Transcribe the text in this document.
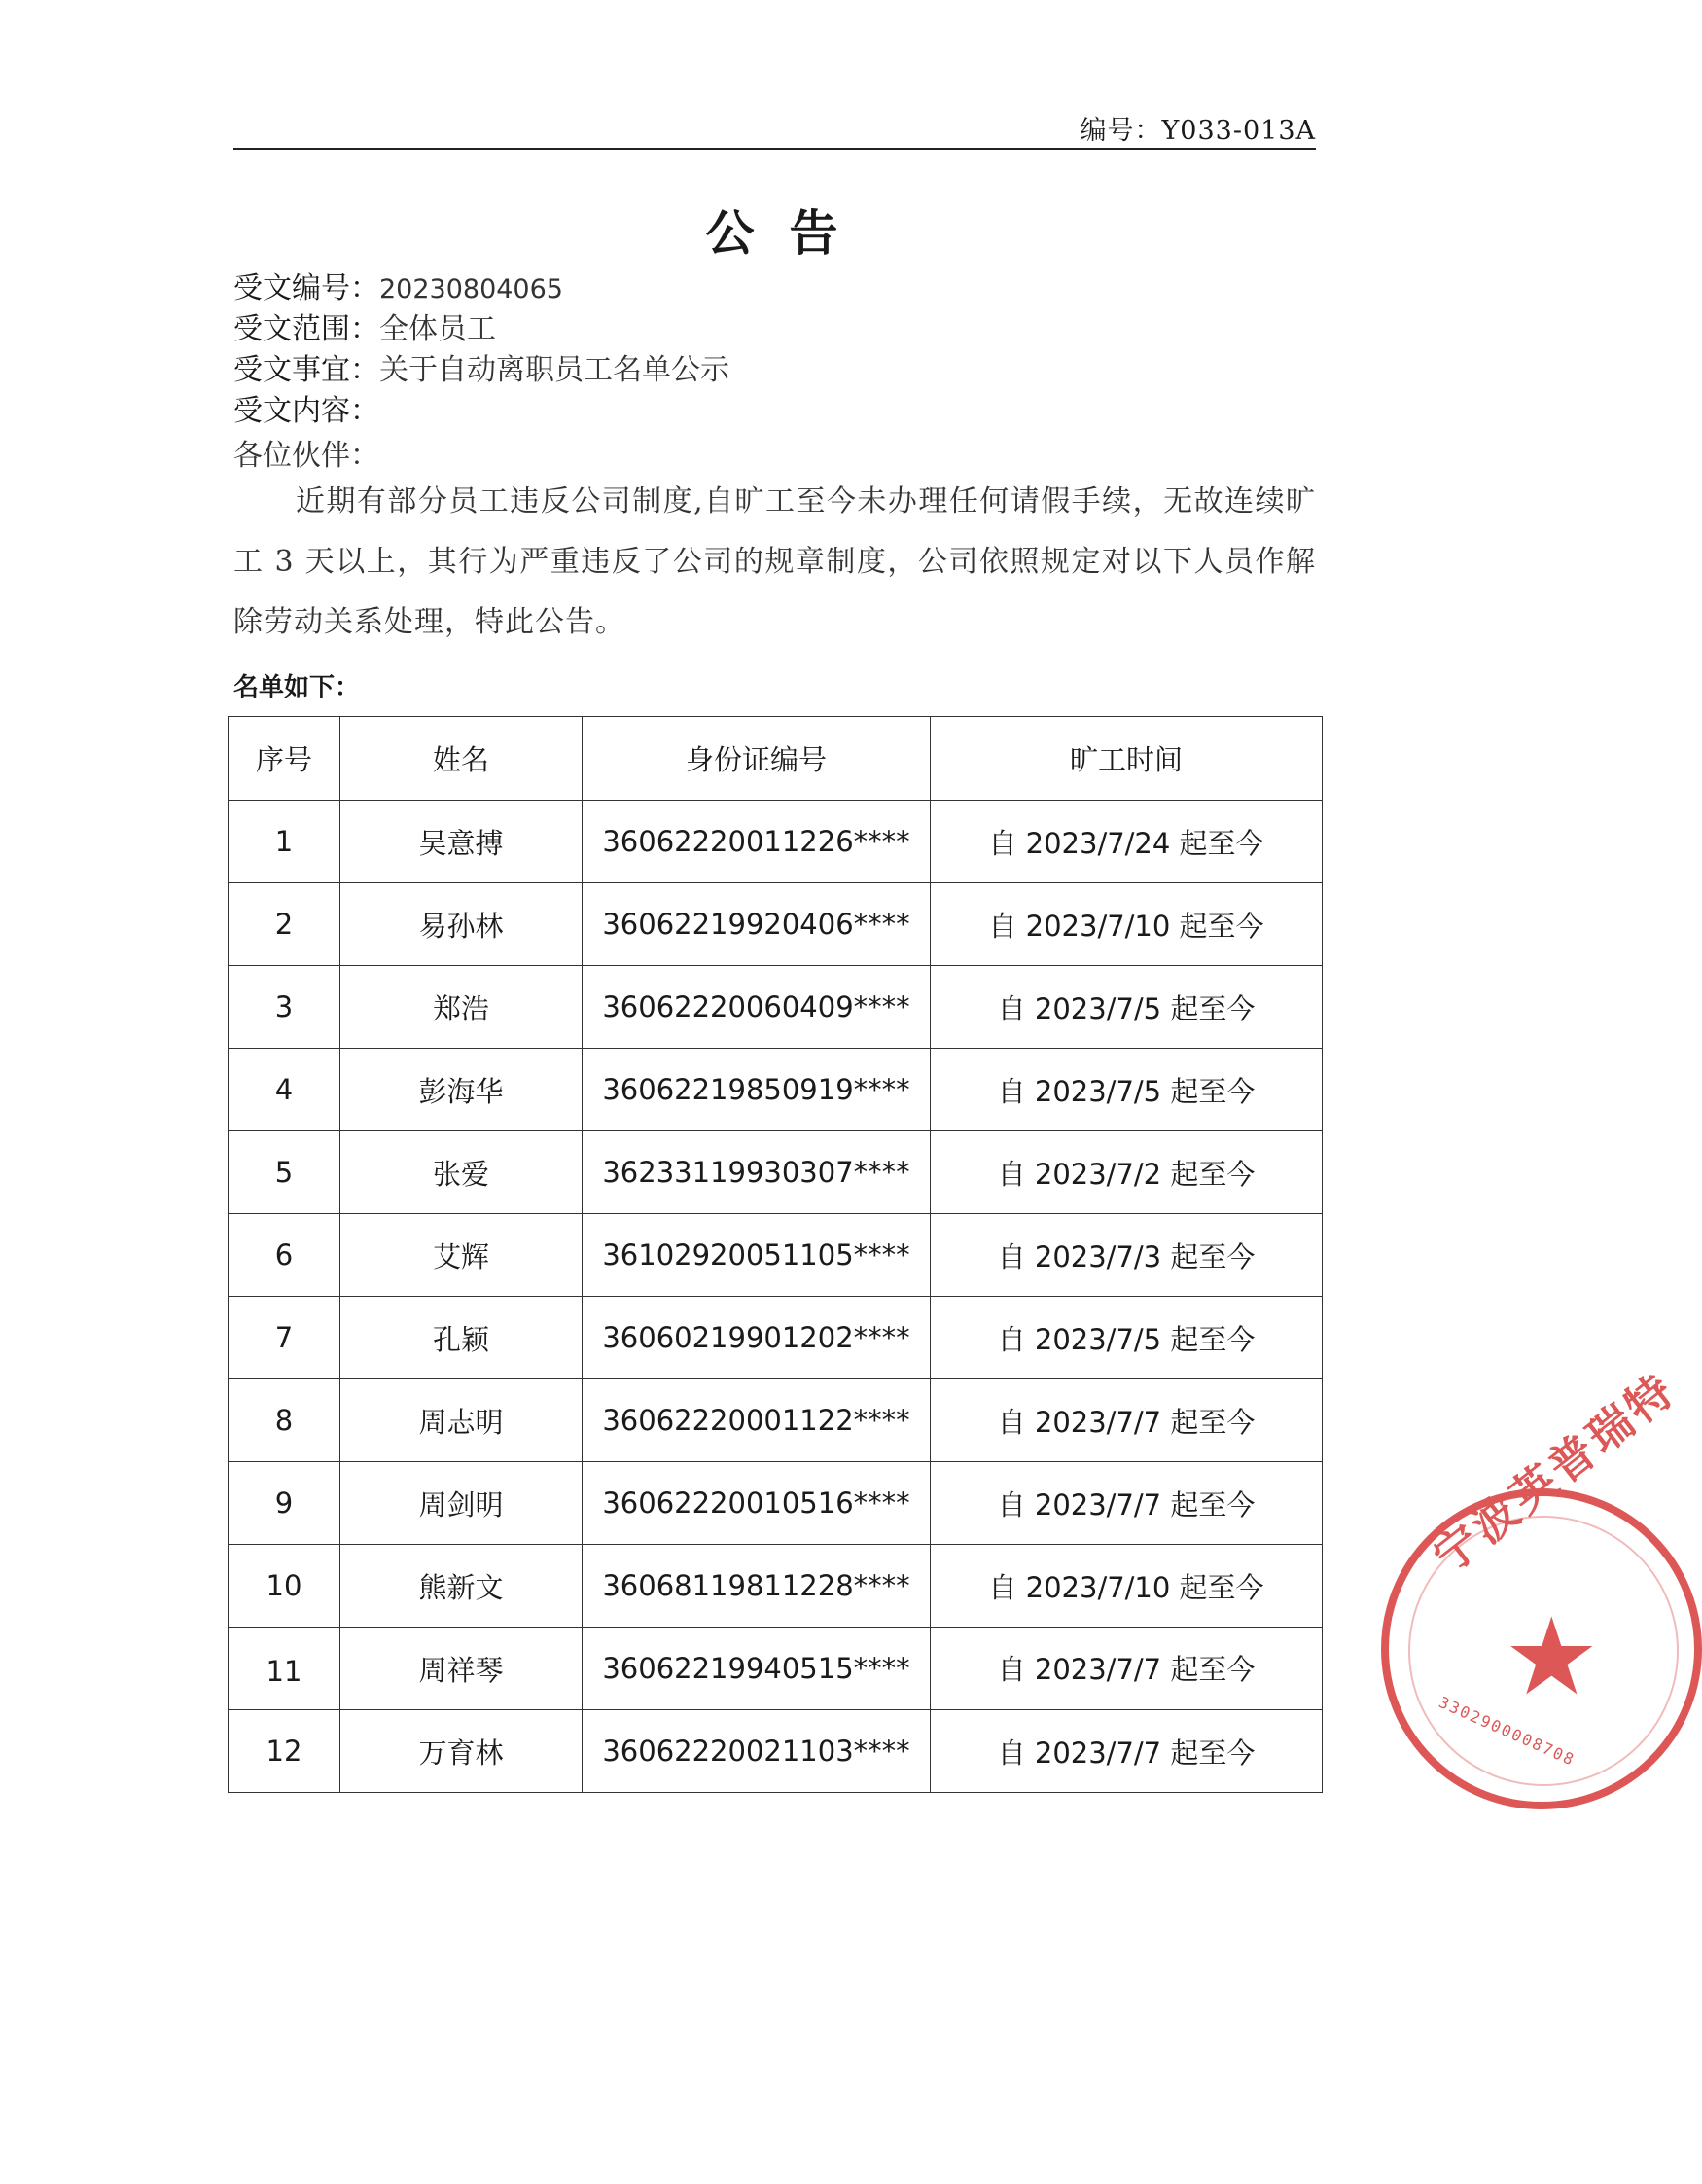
编号：Y033-013A
公告
受文编号：20230804065
受文范围：全体员工
受文事宜：关于自动离职员工名单公示
受文内容：
各位伙伴：
近期有部分员工违反公司制度,自旷工至今未办理任何请假手续，无故连续旷工 3 天以上，其行为严重违反了公司的规章制度，公司依照规定对以下人员作解除劳动关系处理，特此公告。
名单如下：
序号	姓名	身份证编号	旷工时间
1	吴意搏	36062220011226****	自 2023/7/24 起至今
2	易孙林	36062219920406****	自 2023/7/10 起至今
3	郑浩	36062220060409****	自 2023/7/5 起至今
4	彭海华	36062219850919****	自 2023/7/5 起至今
5	张爱	36233119930307****	自 2023/7/2 起至今
6	艾辉	36102920051105****	自 2023/7/3 起至今
7	孔颖	36060219901202****	自 2023/7/5 起至今
8	周志明	36062220001122****	自 2023/7/7 起至今
9	周剑明	36062220010516****	自 2023/7/7 起至今
10	熊新文	36068119811228****	自 2023/7/10 起至今
11	周祥琴	36062219940515****	自 2023/7/7 起至今
12	万育林	36062220021103****	自 2023/7/7 起至今
宁波英普瑞特
★
3302900008708
